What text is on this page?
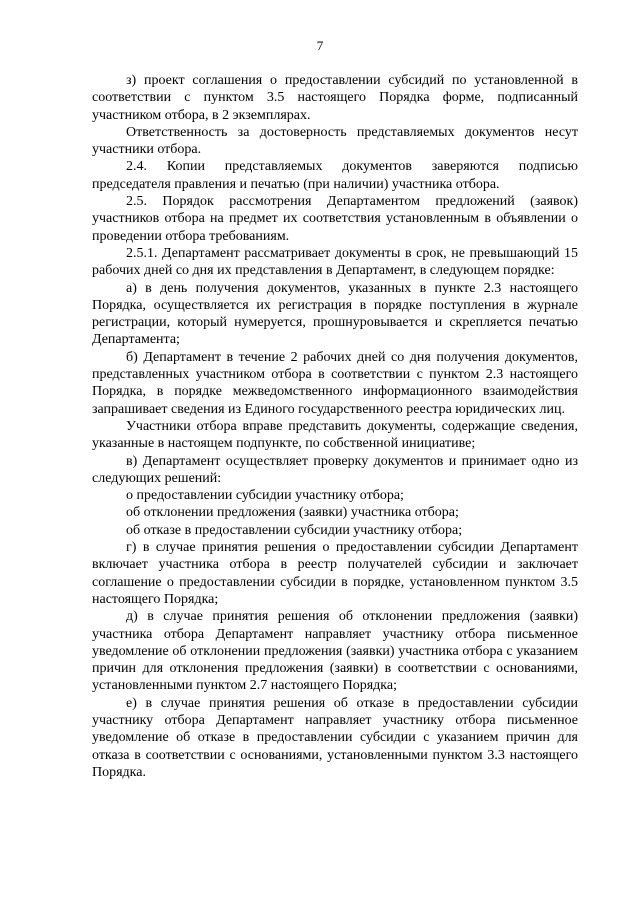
7

з) проект соглашения о предоставлении субсидий по установленной в соответствии с пунктом 3.5 настоящего Порядка форме, подписанный участником отбора, в 2 экземплярах.

Ответственность за достоверность представляемых документов несут участники отбора.

2.4. Копии представляемых документов заверяются подписью председателя правления и печатью (при наличии) участника отбора.

2.5. Порядок рассмотрения Департаментом предложений (заявок) участников отбора на предмет их соответствия установленным в объявлении о проведении отбора требованиям.

2.5.1. Департамент рассматривает документы в срок, не превышающий 15 рабочих дней со дня их представления в Департамент, в следующем порядке:

а) в день получения документов, указанных в пункте 2.3 настоящего Порядка, осуществляется их регистрация в порядке поступления в журнале регистрации, который нумеруется, прошнуровывается и скрепляется печатью Департамента;

б) Департамент в течение 2 рабочих дней со дня получения документов, представленных участником отбора в соответствии с пунктом 2.3 настоящего Порядка, в порядке межведомственного информационного взаимодействия запрашивает сведения из Единого государственного реестра юридических лиц.

Участники отбора вправе представить документы, содержащие сведения, указанные в настоящем подпункте, по собственной инициативе;

в) Департамент осуществляет проверку документов и принимает одно из следующих решений:

о предоставлении субсидии участнику отбора;

об отклонении предложения (заявки) участника отбора;

об отказе в предоставлении субсидии участнику отбора;

г) в случае принятия решения о предоставлении субсидии Департамент включает участника отбора в реестр получателей субсидии и заключает соглашение о предоставлении субсидии в порядке, установленном пунктом 3.5 настоящего Порядка;

д) в случае принятия решения об отклонении предложения (заявки) участника отбора Департамент направляет участнику отбора письменное уведомление об отклонении предложения (заявки) участника отбора с указанием причин для отклонения предложения (заявки) в соответствии с основаниями, установленными пунктом 2.7 настоящего Порядка;

е) в случае принятия решения об отказе в предоставлении субсидии участнику отбора Департамент направляет участнику отбора письменное уведомление об отказе в предоставлении субсидии с указанием причин для отказа в соответствии с основаниями, установленными пунктом 3.3 настоящего Порядка.
